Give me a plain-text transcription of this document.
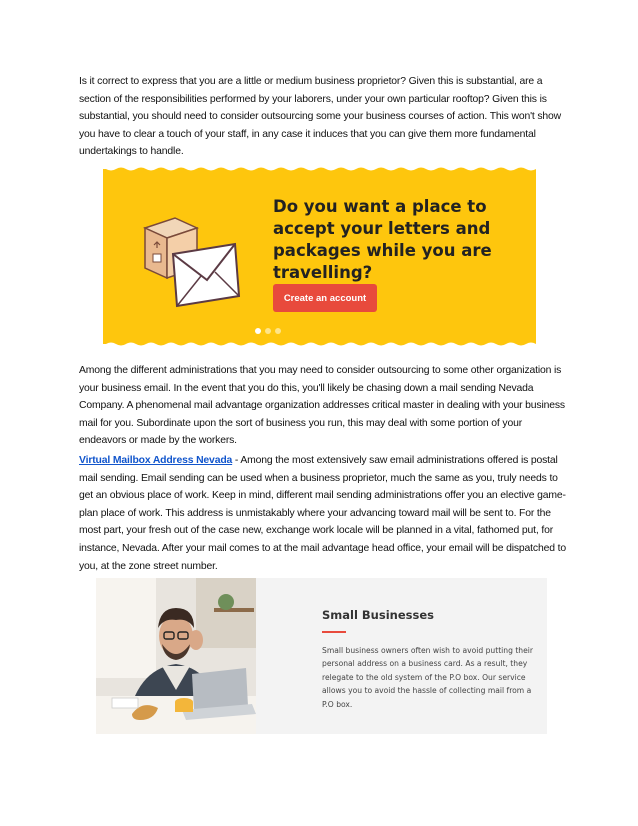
Is it correct to express that you are a little or medium business proprietor? Given this is substantial, are a section of the responsibilities performed by your laborers, under your own particular rooftop? Given this is substantial, you should need to consider outsourcing some your business courses of action. This won't show you have to clear a touch of your staff, in any case it induces that you can give them more fundamental undertakings to handle.

Do you want a place to accept your letters and packages while you are travelling?

Create an account

Among the different administrations that you may need to consider outsourcing to some other organization is your business email. In the event that you do this, you'll likely be chasing down a mail sending Nevada Company. A phenomenal mail advantage organization addresses critical master in dealing with your business mail for you. Subordinate upon the sort of business you run, this may deal with some portion of your endeavors or made by the workers.

Virtual Mailbox Address Nevada - Among the most extensively saw email administrations offered is postal mail sending. Email sending can be used when a business proprietor, much the same as you, truly needs to get an obvious place of work. Keep in mind, different mail sending administrations offer you an elective game-plan place of work. This address is unmistakably where your advancing toward mail will be sent to. For the most part, your fresh out of the case new, exchange work locale will be planned in a vital, fathomed put, for instance, Nevada. After your mail comes to at the mail advantage head office, your email will be dispatched to you, at the zone street number.

Small Businesses

Small business owners often wish to avoid putting their personal address on a business card. As a result, they relegate to the old system of the P.O box. Our service allows you to avoid the hassle of collecting mail from a P.O box.
